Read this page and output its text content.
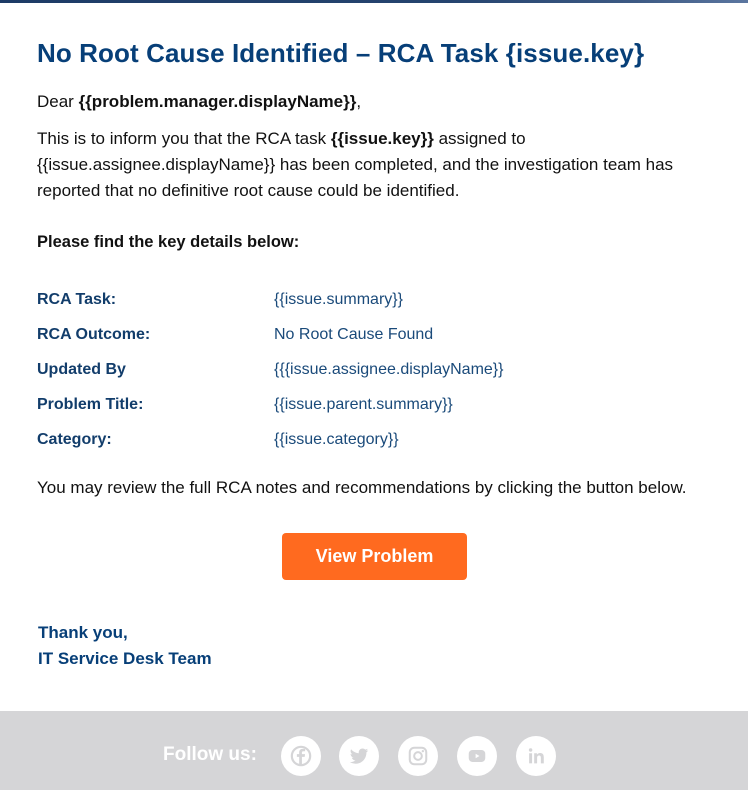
No Root Cause Identified – RCA Task {issue.key}

Dear {{problem.manager.displayName}},

This is to inform you that the RCA task {{issue.key}} assigned to {{issue.assignee.displayName}} has been completed, and the investigation team has reported that no definitive root cause could be identified.

Please find the key details below:

RCA Task:	{{issue.summary}}
RCA Outcome:	No Root Cause Found
Updated By	{{{issue.assignee.displayName}}
Problem Title:	{{issue.parent.summary}}
Category:	{{issue.category}}

You may review the full RCA notes and recommendations by clicking the button below.

View Problem
Thank you,
IT Service Desk Team
Follow us:
